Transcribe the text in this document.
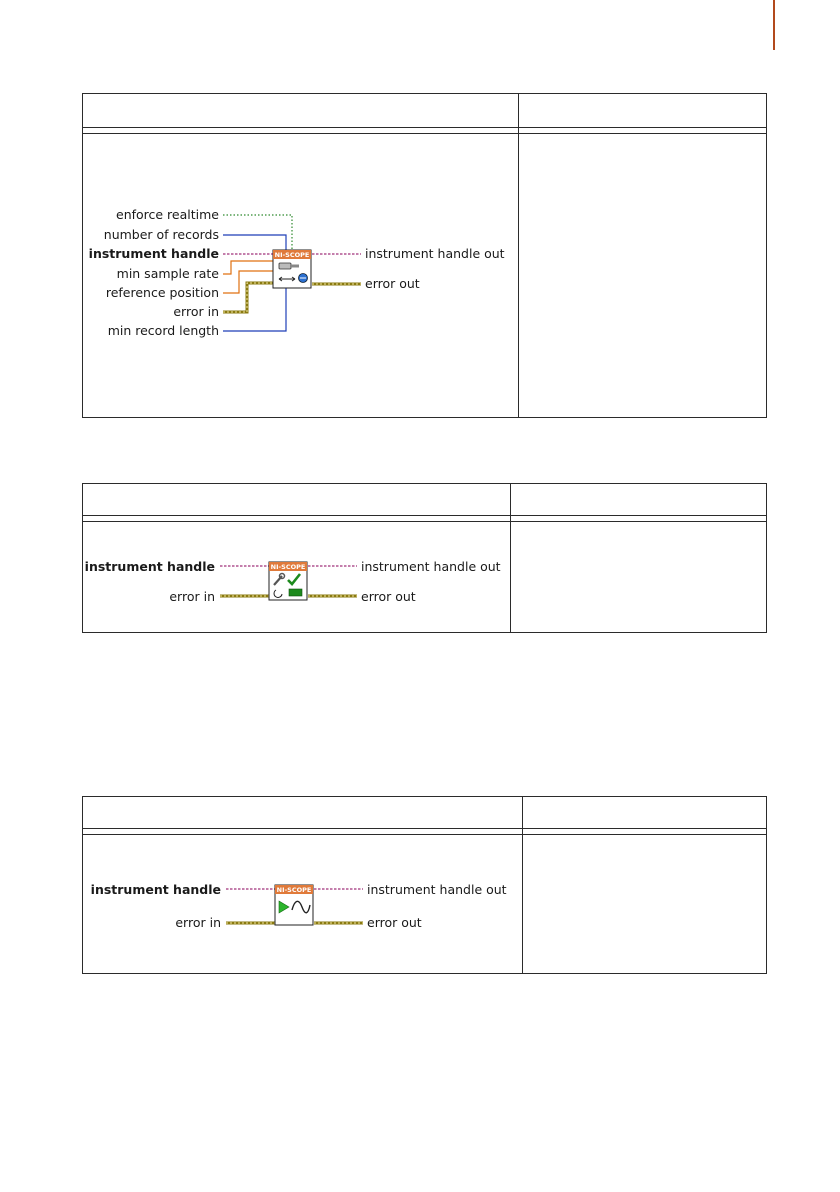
NI-SCOPE
enforce realtime
number of records
instrument handle
min sample rate
reference position
error in
min record length
instrument handle out
error out
NI-SCOPE
instrument handle
error in
instrument handle out
error out
NI-SCOPE
instrument handle
error in
instrument handle out
error out
